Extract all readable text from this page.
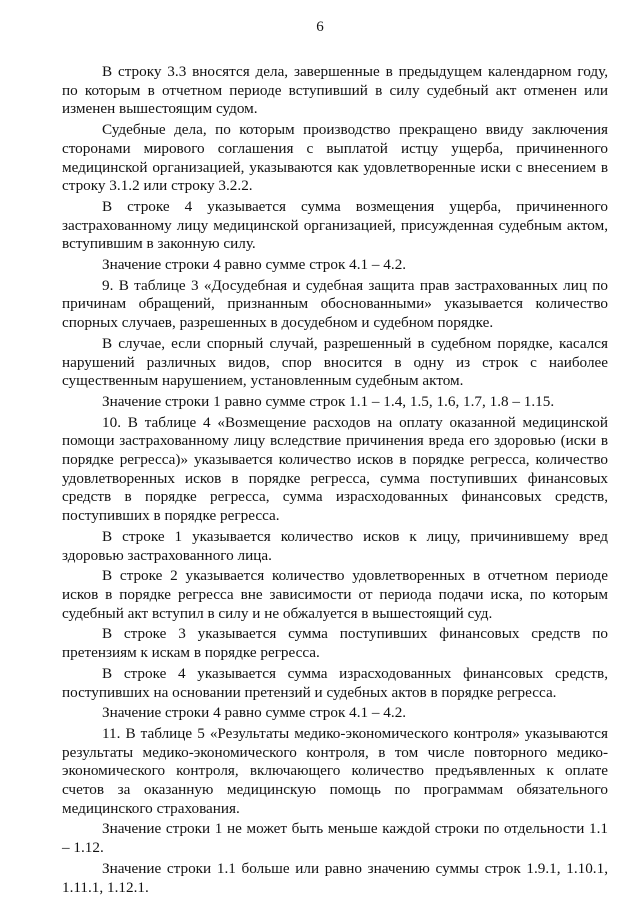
6

В строку 3.3 вносятся дела, завершенные в предыдущем календарном году, по которым в отчетном периоде вступивший в силу судебный акт отменен или изменен вышестоящим судом.

Судебные дела, по которым производство прекращено ввиду заключения сторонами мирового соглашения с выплатой истцу ущерба, причиненного медицинской организацией, указываются как удовлетворенные иски с внесением в строку 3.1.2 или строку 3.2.2.

В строке 4 указывается сумма возмещения ущерба, причиненного застрахованному лицу медицинской организацией, присужденная судебным актом, вступившим в законную силу.

Значение строки 4 равно сумме строк 4.1 – 4.2.

9. В таблице 3 «Досудебная и судебная защита прав застрахованных лиц по причинам обращений, признанным обоснованными» указывается количество спорных случаев, разрешенных в досудебном и судебном порядке.

В случае, если спорный случай, разрешенный в судебном порядке, касался нарушений различных видов, спор вносится в одну из строк с наиболее существенным нарушением, установленным судебным актом.

Значение строки 1 равно сумме строк 1.1 – 1.4, 1.5, 1.6, 1.7, 1.8 – 1.15.

10. В таблице 4 «Возмещение расходов на оплату оказанной медицинской помощи застрахованному лицу вследствие причинения вреда его здоровью (иски в порядке регресса)» указывается количество исков в порядке регресса, количество удовлетворенных исков в порядке регресса, сумма поступивших финансовых средств в порядке регресса, сумма израсходованных финансовых средств, поступивших в порядке регресса.

В строке 1 указывается количество исков к лицу, причинившему вред здоровью застрахованного лица.

В строке 2 указывается количество удовлетворенных в отчетном периоде исков в порядке регресса вне зависимости от периода подачи иска, по которым судебный акт вступил в силу и не обжалуется в вышестоящий суд.

В строке 3 указывается сумма поступивших финансовых средств по претензиям к искам в порядке регресса.

В строке 4 указывается сумма израсходованных финансовых средств, поступивших на основании претензий и судебных актов в порядке регресса.

Значение строки 4 равно сумме строк 4.1 – 4.2.

11. В таблице 5 «Результаты медико-экономического контроля» указываются результаты медико-экономического контроля, в том числе повторного медико-экономического контроля, включающего количество предъявленных к оплате счетов за оказанную медицинскую помощь по программам обязательного медицинского страхования.

Значение строки 1 не может быть меньше каждой строки по отдельности 1.1 – 1.12.

Значение строки 1.1 больше или равно значению суммы строк 1.9.1, 1.10.1, 1.11.1, 1.12.1.
